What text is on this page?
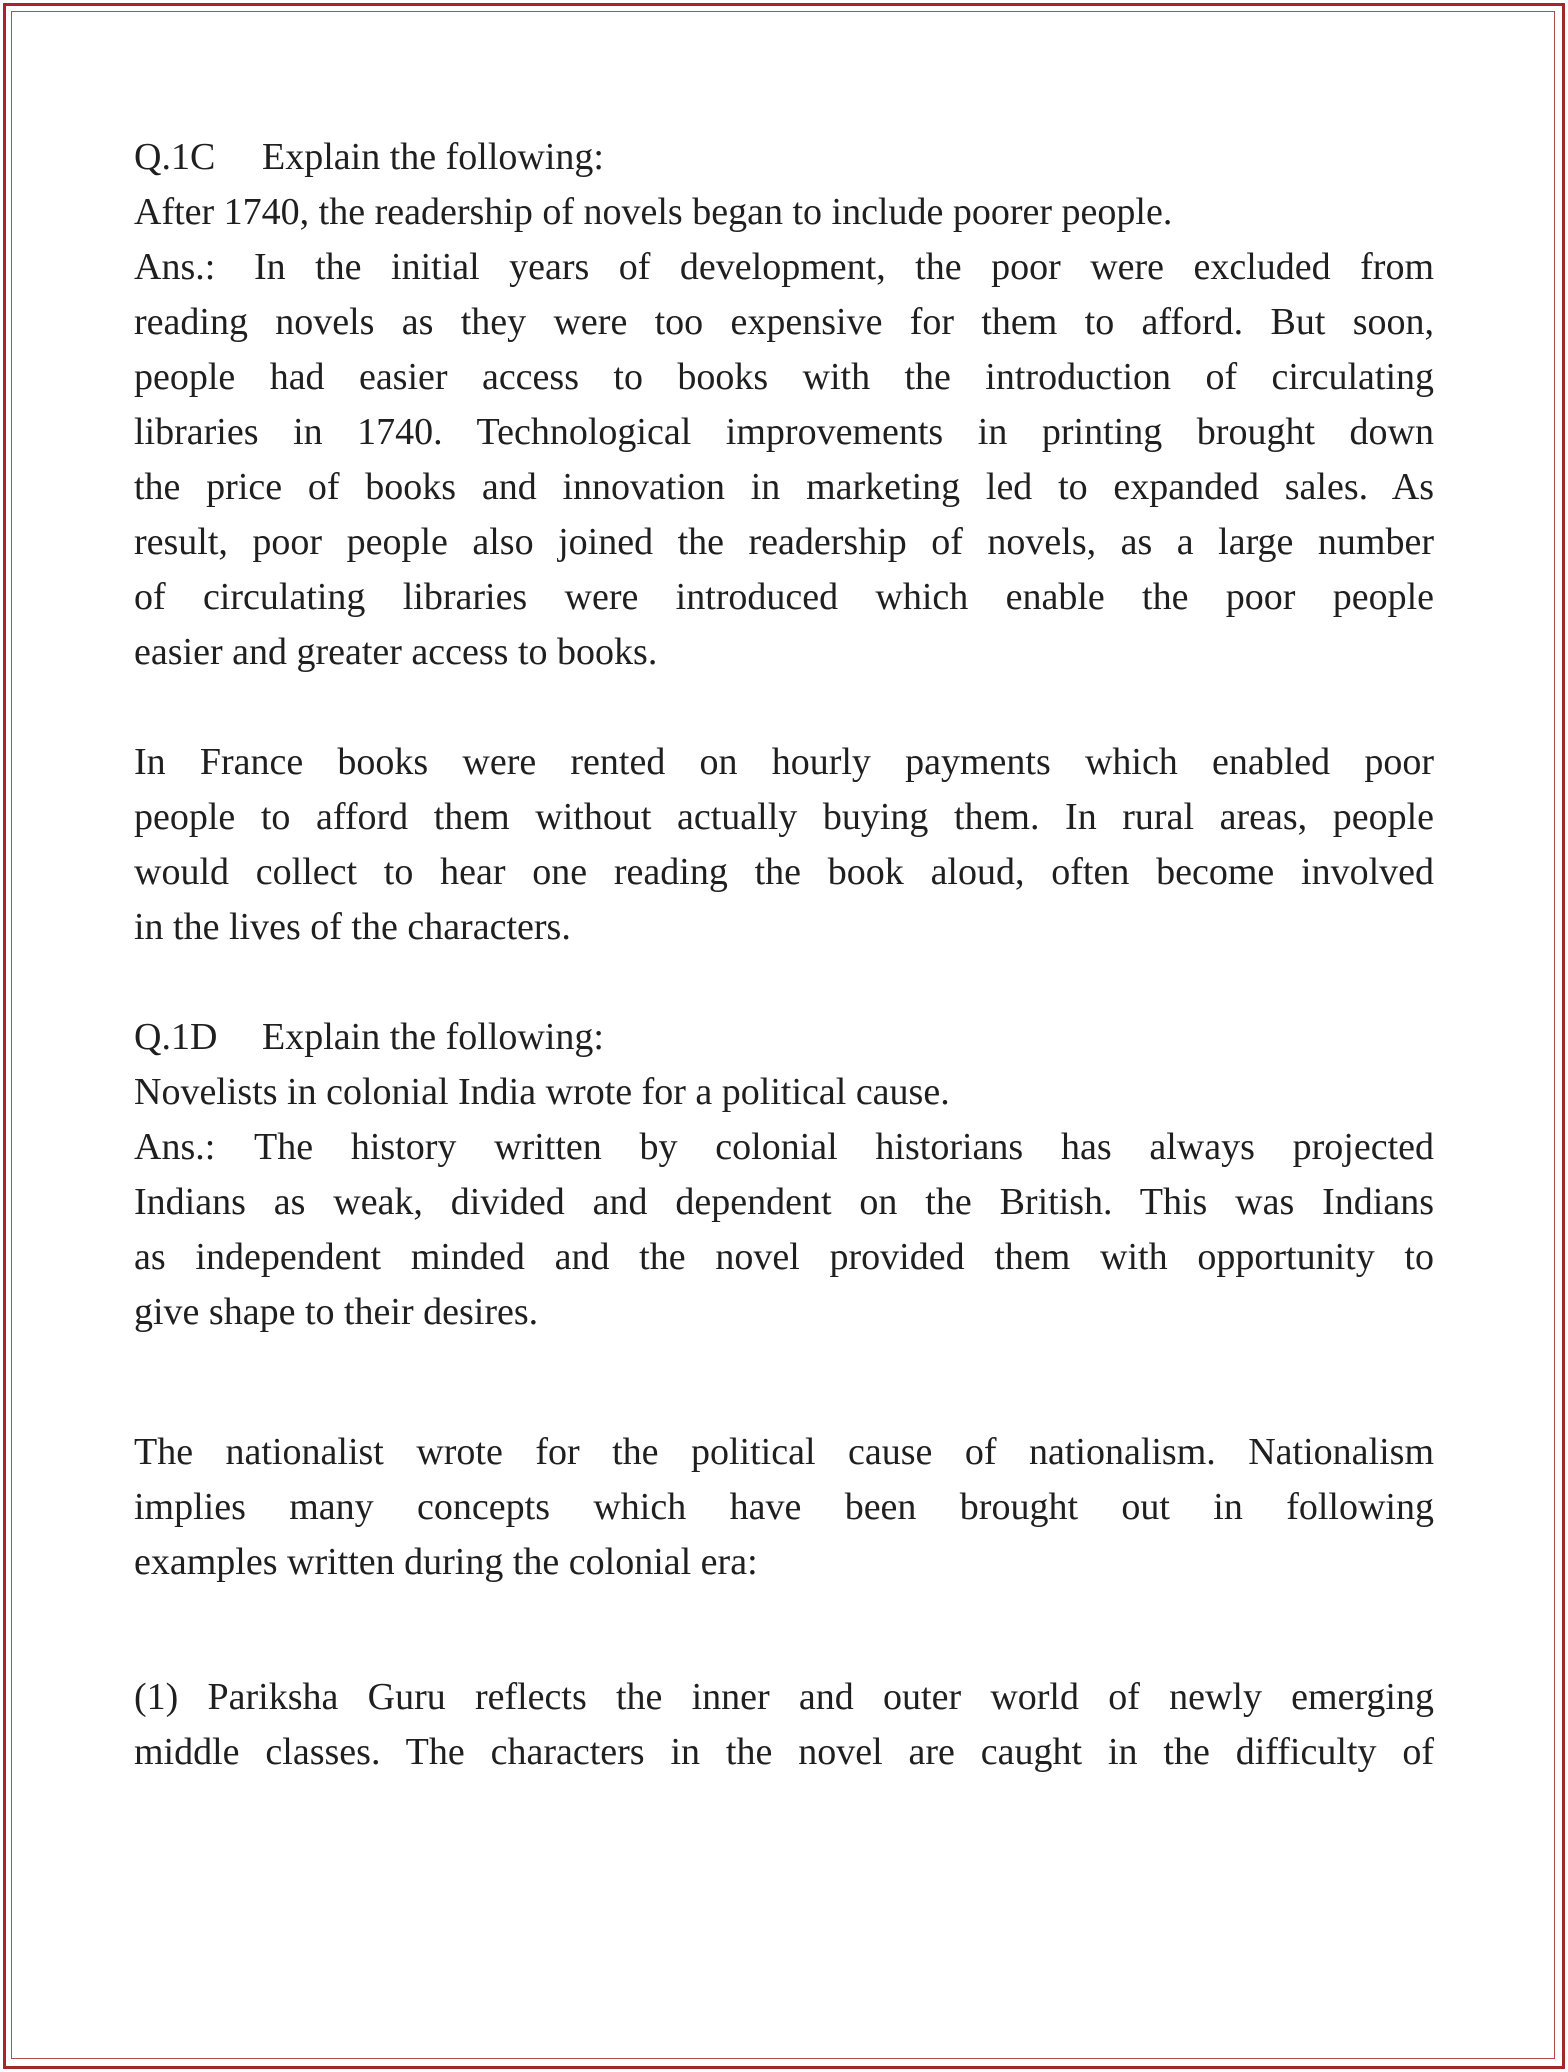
Q.1C Explain the following:

After 1740, the readership of novels began to include poorer people.

Ans.: In the initial years of development, the poor were excluded from

reading novels as they were too expensive for them to afford. But soon,

people had easier access to books with the introduction of circulating

libraries in 1740. Technological improvements in printing brought down

the price of books and innovation in marketing led to expanded sales. As

result, poor people also joined the readership of novels, as a large number

of circulating libraries were introduced which enable the poor people

easier and greater access to books.

In France books were rented on hourly payments which enabled poor

people to afford them without actually buying them. In rural areas, people

would collect to hear one reading the book aloud, often become involved

in the lives of the characters.

Q.1D Explain the following:

Novelists in colonial India wrote for a political cause.

Ans.: The history written by colonial historians has always projected

Indians as weak, divided and dependent on the British. This was Indians

as independent minded and the novel provided them with opportunity to

give shape to their desires.

The nationalist wrote for the political cause of nationalism. Nationalism

implies many concepts which have been brought out in following

examples written during the colonial era:

(1) Pariksha Guru reflects the inner and outer world of newly emerging

middle classes. The characters in the novel are caught in the difficulty of
